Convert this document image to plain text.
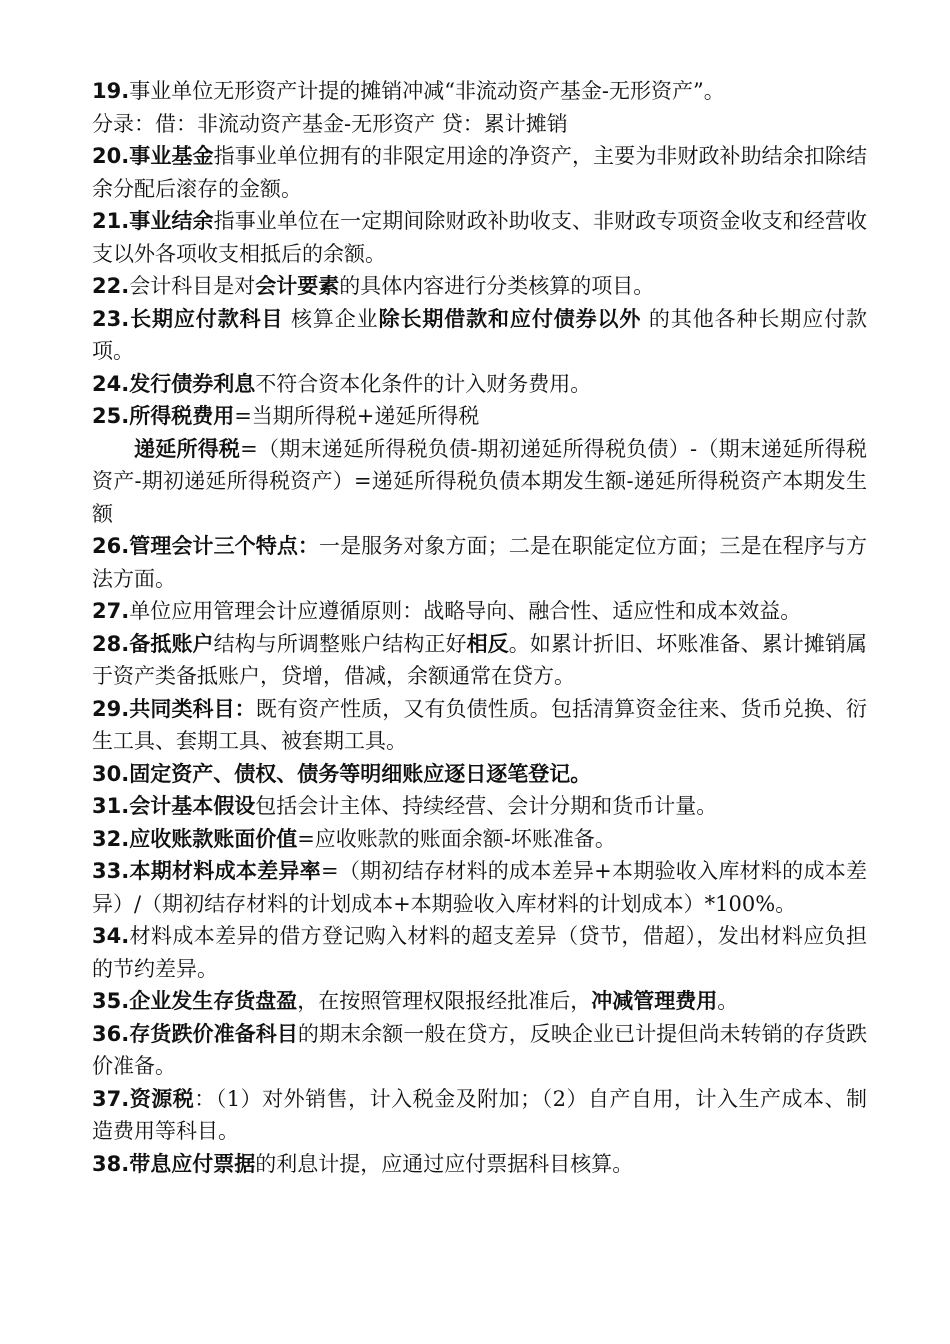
19.事业单位无形资产计提的摊销冲减“非流动资产基金-无形资产”。

分录：借：非流动资产基金-无形资产 贷：累计摊销

20.事业基金指事业单位拥有的非限定用途的净资产，主要为非财政补助结余扣除结余分配后滚存的金额。

21.事业结余指事业单位在一定期间除财政补助收支、非财政专项资金收支和经营收支以外各项收支相抵后的余额。

22.会计科目是对会计要素的具体内容进行分类核算的项目。

23.长期应付款科目 核算企业除长期借款和应付债券以外 的其他各种长期应付款项。

24.发行债券利息不符合资本化条件的计入财务费用。

25.所得税费用=当期所得税+递延所得税

递延所得税=（期末递延所得税负债-期初递延所得税负债）-（期末递延所得税资产-期初递延所得税资产）=递延所得税负债本期发生额-递延所得税资产本期发生额

26.管理会计三个特点：一是服务对象方面；二是在职能定位方面；三是在程序与方法方面。

27.单位应用管理会计应遵循原则：战略导向、融合性、适应性和成本效益。

28.备抵账户结构与所调整账户结构正好相反。如累计折旧、坏账准备、累计摊销属于资产类备抵账户，贷增，借减，余额通常在贷方。

29.共同类科目：既有资产性质，又有负债性质。包括清算资金往来、货币兑换、衍生工具、套期工具、被套期工具。

30.固定资产、债权、债务等明细账应逐日逐笔登记。

31.会计基本假设包括会计主体、持续经营、会计分期和货币计量。

32.应收账款账面价值=应收账款的账面余额-坏账准备。

33.本期材料成本差异率=（期初结存材料的成本差异+本期验收入库材料的成本差异）/（期初结存材料的计划成本+本期验收入库材料的计划成本）*100%。

34.材料成本差异的借方登记购入材料的超支差异（贷节，借超），发出材料应负担的节约差异。

35.企业发生存货盘盈，在按照管理权限报经批准后，冲减管理费用。

36.存货跌价准备科目的期末余额一般在贷方，反映企业已计提但尚未转销的存货跌价准备。

37.资源税：（1）对外销售，计入税金及附加；（2）自产自用，计入生产成本、制造费用等科目。

38.带息应付票据的利息计提，应通过应付票据科目核算。
